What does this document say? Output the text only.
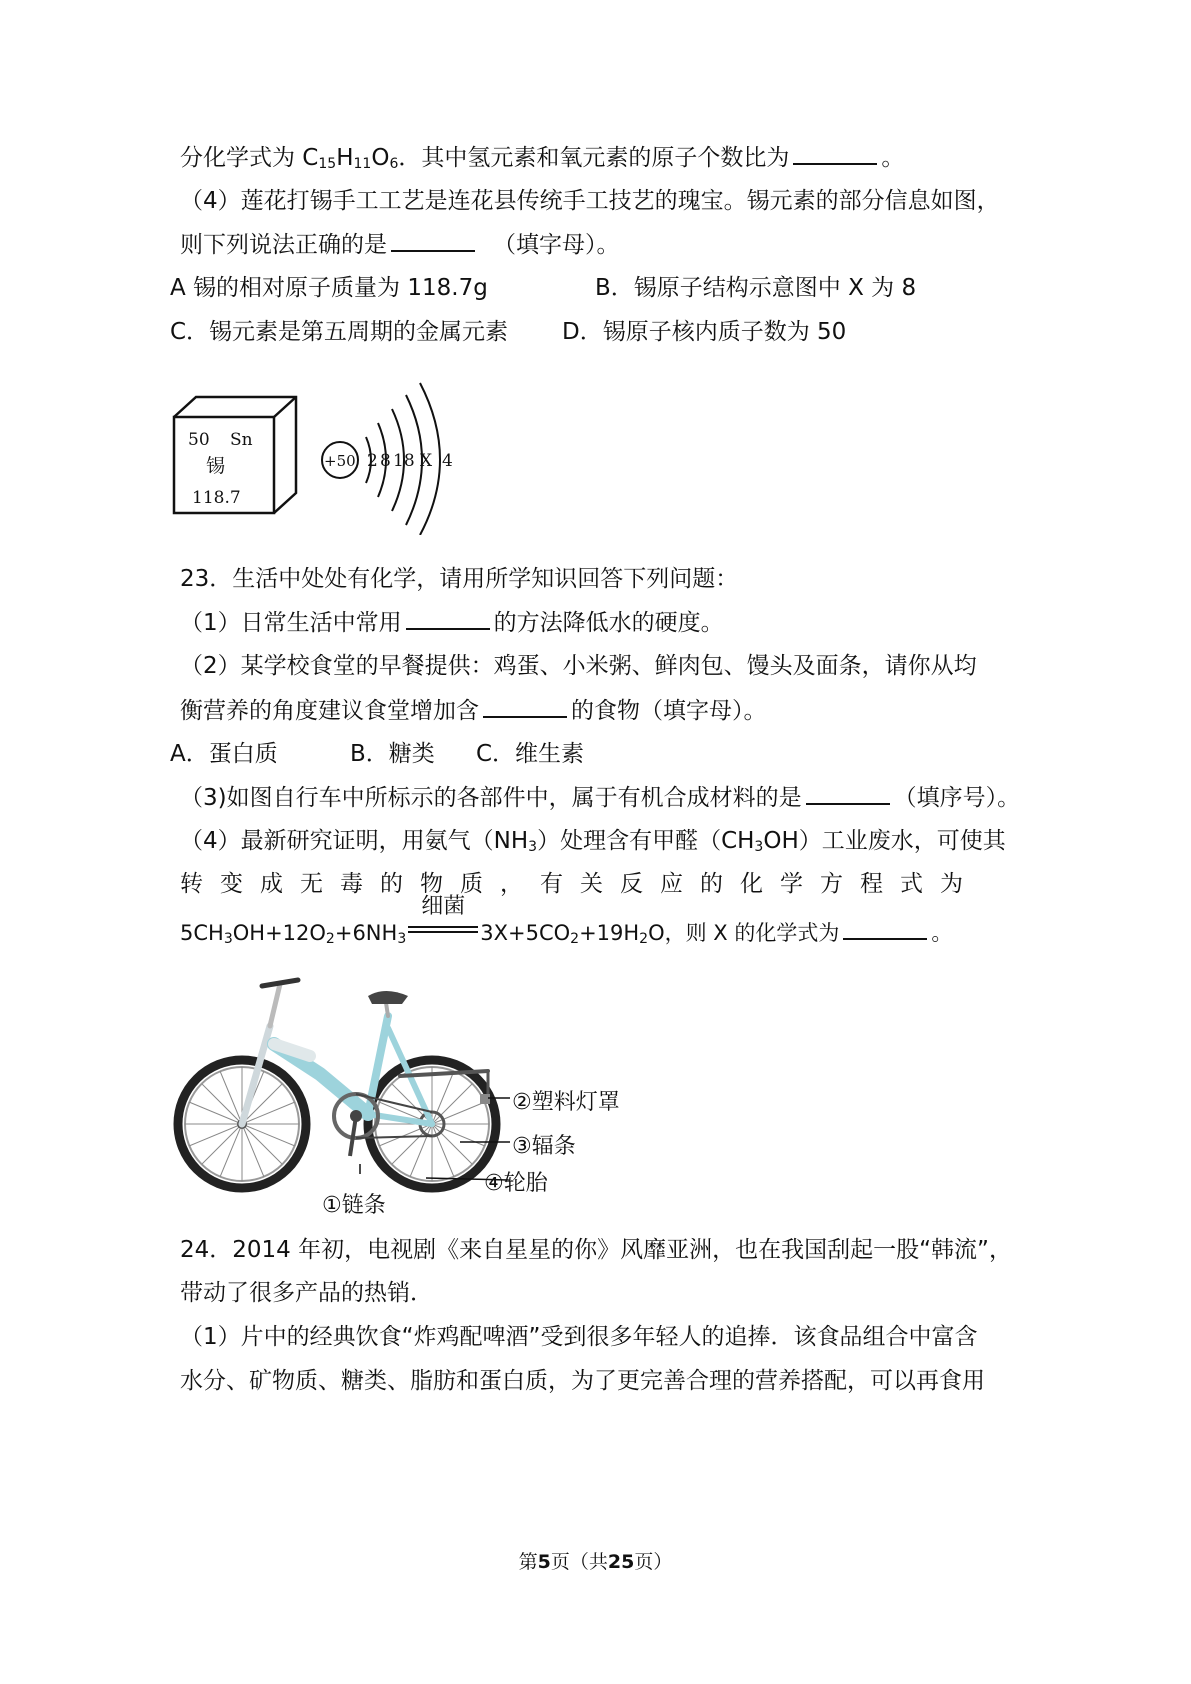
分化学式为 $C_{15}H_{11}O_6$．其中氢元素和氧元素的原子个数比为	。
（4）莲花打锡手工工艺是连花县传统手工技艺的瑰宝。锡元素的部分信息如图，
则下列说法正确的是	（填字母）。
A 锡的相对原子质量为 118.7g	B．锡原子结构示意图中 X 为 8
C．锡元素是第五周期的金属元素 D．锡原子核内质子数为 50
50 Sn
锡
118.7
+50 2 8 18 X 4
23．生活中处处有化学，请用所学知识回答下列问题：
（1）日常生活中常用	的方法降低水的硬度。
（2）某学校食堂的早餐提供：鸡蛋、小米粥、鲜肉包、馒头及面条，请你从均
衡营养的角度建议食堂增加含	的食物（填字母）。
A．蛋白质	B．糖类 C．维生素
（3)如图自行车中所标示的各部件中，属于有机合成材料的是	（填序号）。
（4）最新研究证明，用氨气$(NH_3)$处理含有甲醛$(CH_3OH)$工业废水，可使其
转变成无毒的物质，有关反应的化学方程式为
$5CH_3OH+12O_2+6NH_3$
细菌
$3X+5CO_2+19H_2O$，则 X 的化学式为	。
②塑料灯罩
③辐条
④轮胎
①链条
24．2014 年初，电视剧《来自星星的你》风靡亚洲，也在我国刮起一股“韩流”，
带动了很多产品的热销．
（1）片中的经典饮食“炸鸡配啤酒”受到很多年轻人的追捧．该食品组合中富含
水分、矿物质、糖类、脂肪和蛋白质，为了更完善合理的营养搭配，可以再食用
第5页（共25页）
